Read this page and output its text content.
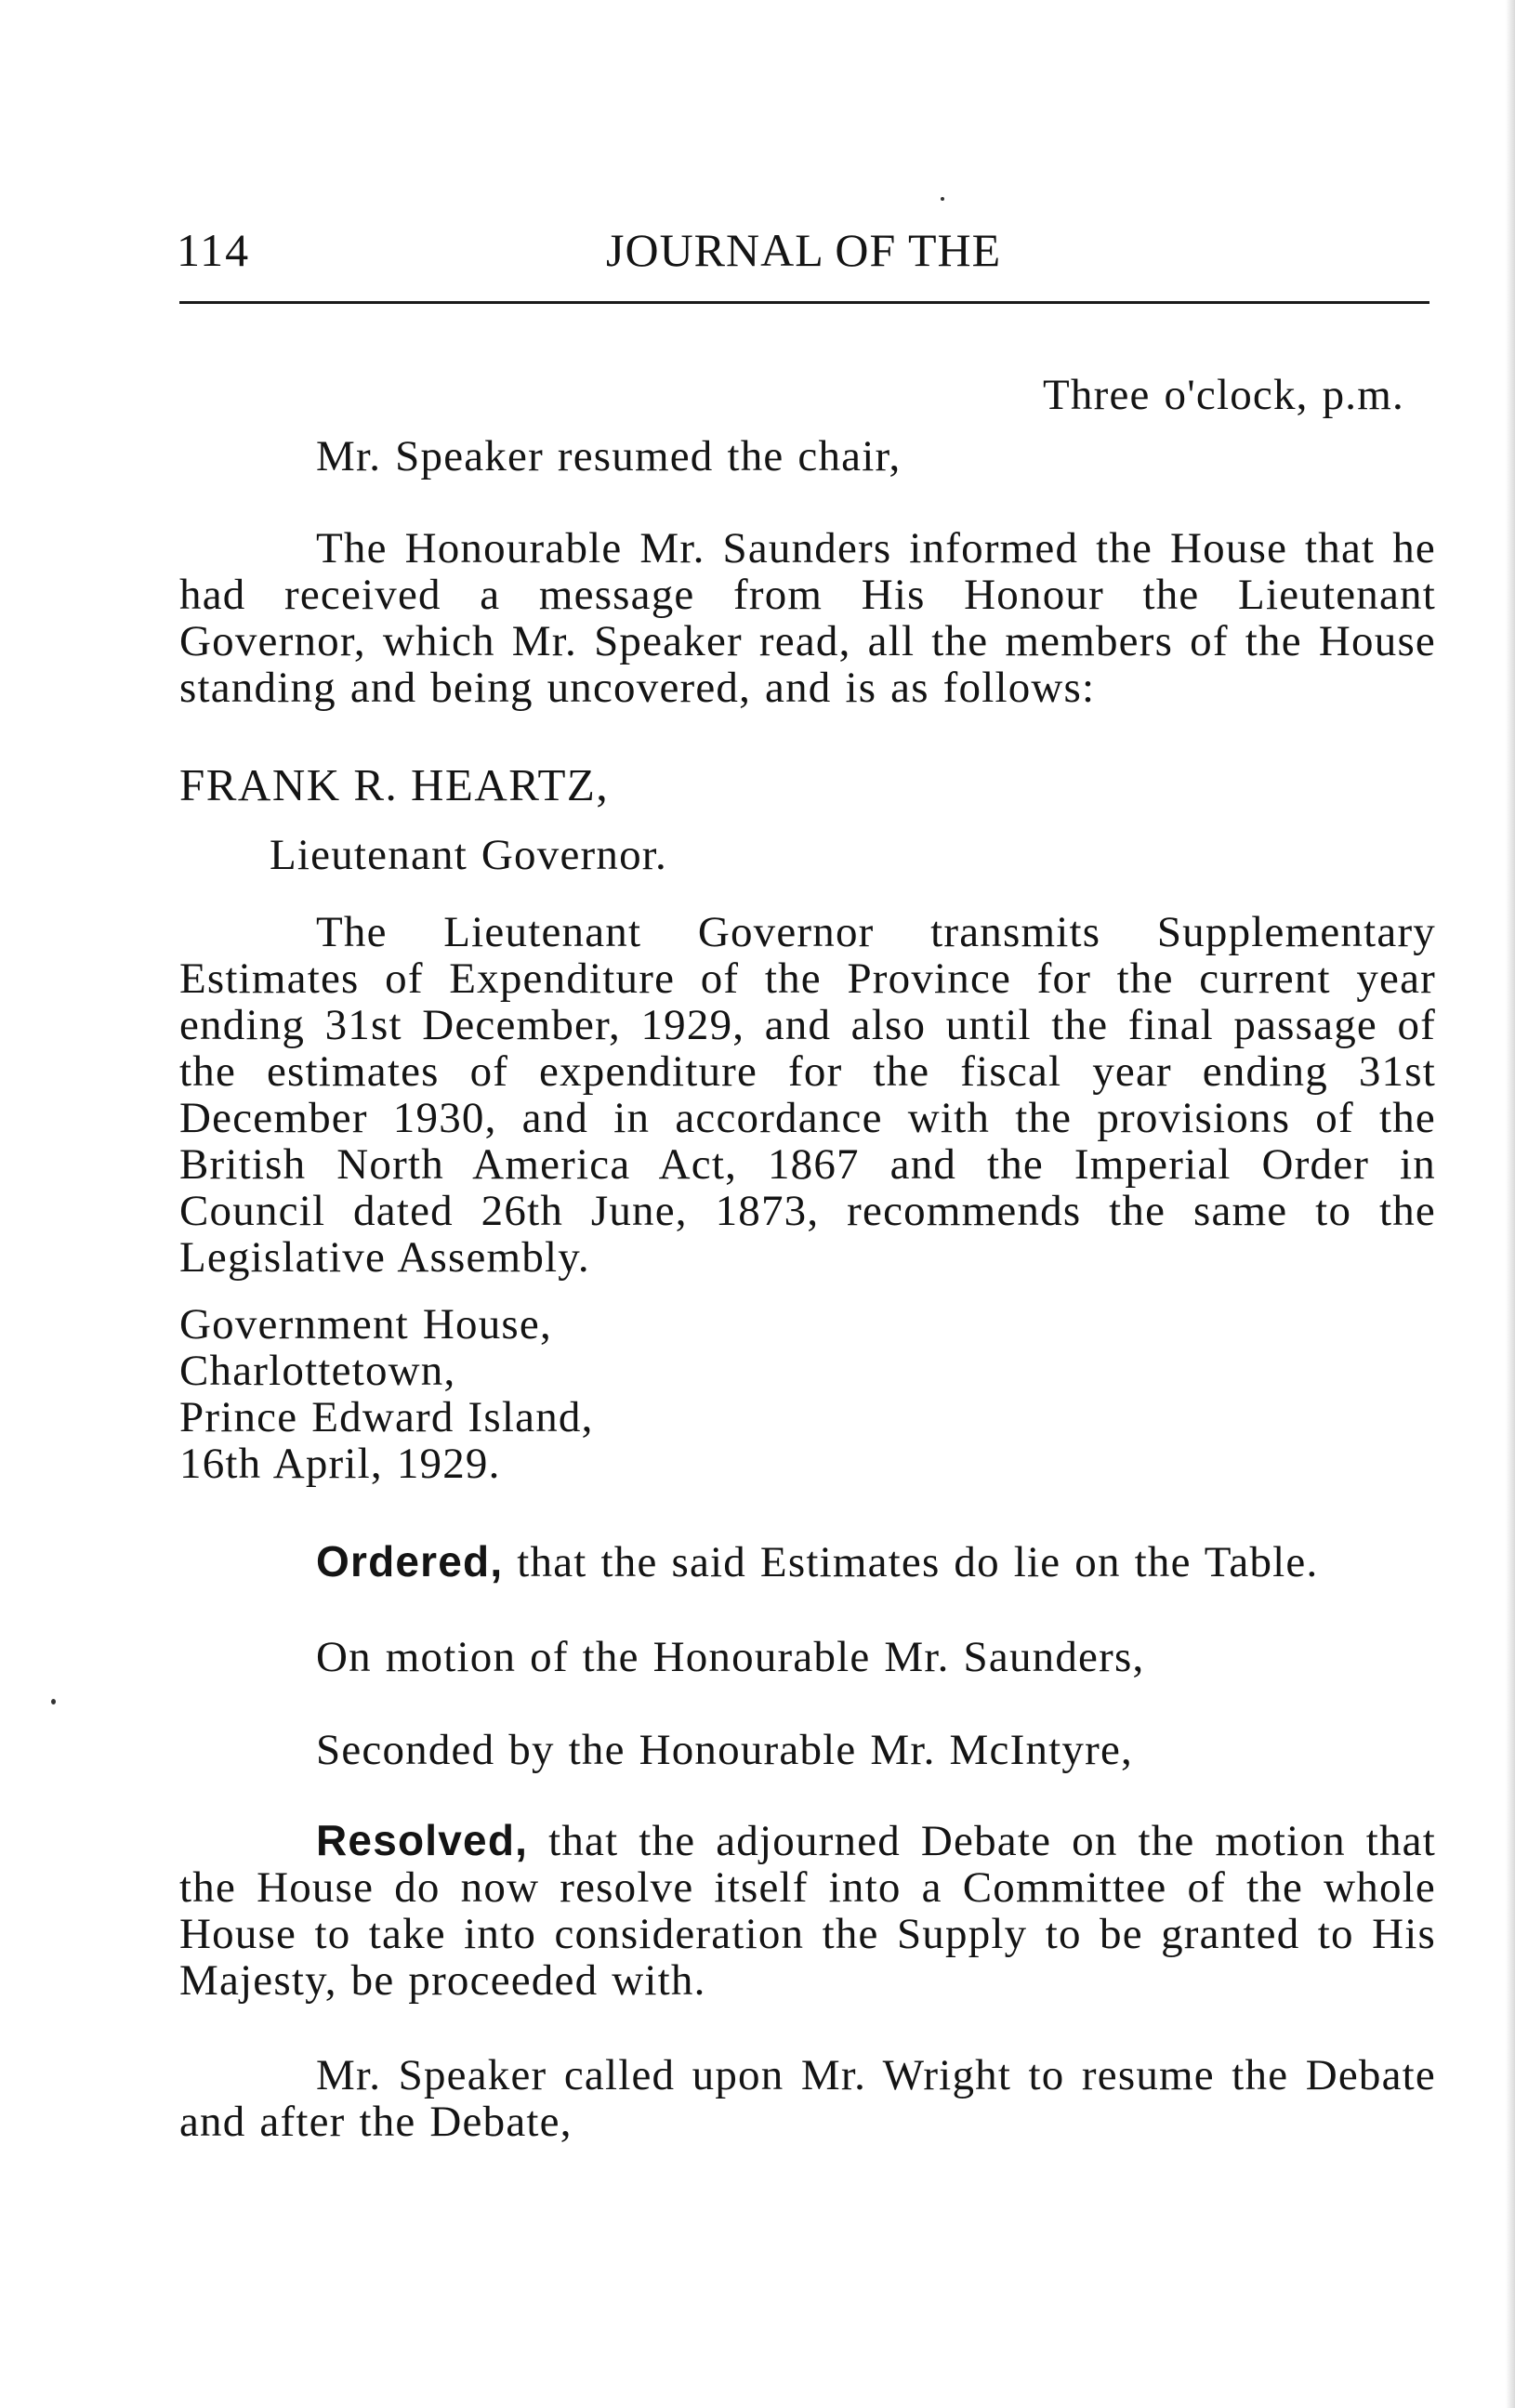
114	JOURNAL OF THE

Three o'clock, p.m.

Mr. Speaker resumed the chair,

The Honourable Mr. Saunders informed the House that he had received a message from His Honour the Lieutenant Governor, which Mr. Speaker read, all the members of the House standing and being uncovered, and is as follows:

FRANK R. HEARTZ,

Lieutenant Governor.

The Lieutenant Governor transmits Supplementary Estimates of Expenditure of the Province for the current year ending 31st December, 1929, and also until the final passage of the estimates of expenditure for the fiscal year ending 31st December 1930, and in accordance with the provisions of the British North America Act, 1867 and the Imperial Order in Council dated 26th June, 1873, recommends the same to the Legislative Assembly.

Government House,
Charlottetown,
Prince Edward Island,
16th April, 1929.

Ordered, that the said Estimates do lie on the Table.

On motion of the Honourable Mr. Saunders,

Seconded by the Honourable Mr. McIntyre,

Resolved, that the adjourned Debate on the motion that the House do now resolve itself into a Committee of the whole House to take into consideration the Supply to be granted to His Majesty, be proceeded with.

Mr. Speaker called upon Mr. Wright to resume the Debate and after the Debate,
